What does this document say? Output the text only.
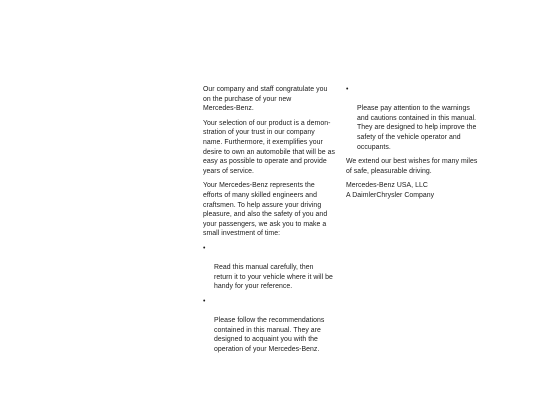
Our company and staff congratulate you
on the purchase of your new
Mercedes-Benz.

Your selection of our product is a demon-
stration of your trust in our company
name. Furthermore, it exemplifies your
desire to own an automobile that will be as
easy as possible to operate and provide
years of service.

Your Mercedes-Benz represents the
efforts of many skilled engineers and
craftsmen. To help assure your driving
pleasure, and also the safety of you and
your passengers, we ask you to make a
small investment of time:

•

Read this manual carefully, then
return it to your vehicle where it will be
handy for your reference.

•

Please follow the recommendations
contained in this manual. They are
designed to acquaint you with the
operation of your Mercedes-Benz.

•

Please pay attention to the warnings
and cautions contained in this manual.
They are designed to help improve the
safety of the vehicle operator and
occupants.

We extend our best wishes for many miles
of safe, pleasurable driving.

Mercedes-Benz USA, LLC
A DaimlerChrysler Company
